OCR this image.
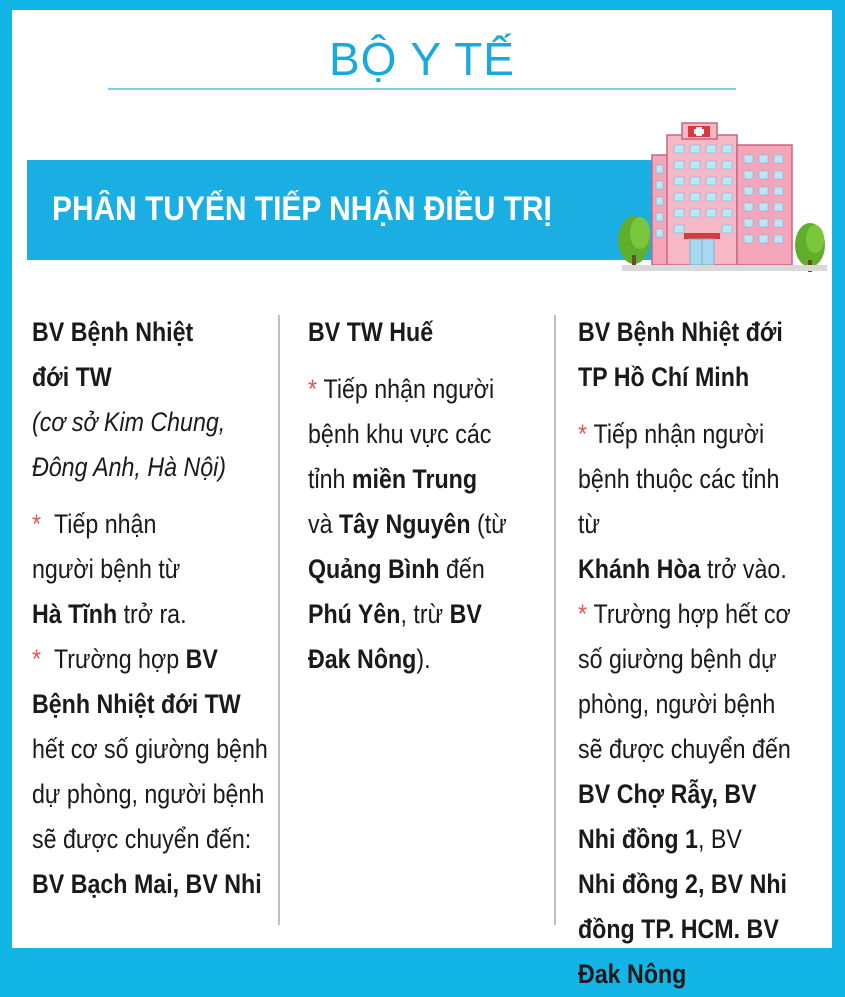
BỘ Y TẾ
PHÂN TUYẾN TIẾP NHẬN ĐIỀU TRỊ

BV Bệnh Nhiệt

đới TW

(cơ sở Kim Chung,

Đông Anh, Hà Nội)

* Tiếp nhận

người bệnh từ

Hà Tĩnh trở ra.

* Trường hợp BV

Bệnh Nhiệt đới TW

hết cơ số giường bệnh

dự phòng, người bệnh

sẽ được chuyển đến:

BV Bạch Mai, BV Nhi

BV TW Huế

* Tiếp nhận người

bệnh khu vực các

tỉnh miền Trung

và Tây Nguyên (từ

Quảng Bình đến

Phú Yên, trừ BV

Đak Nông).

BV Bệnh Nhiệt đới

TP Hồ Chí Minh

* Tiếp nhận người

bệnh thuộc các tỉnh từ

Khánh Hòa trở vào.

* Trường hợp hết cơ

số giường bệnh dự

phòng, người bệnh

sẽ được chuyển đến

BV Chợ Rẫy, BV

Nhi đồng 1, BV

Nhi đồng 2, BV Nhi

đồng TP. HCM. BV

Đak Nông
